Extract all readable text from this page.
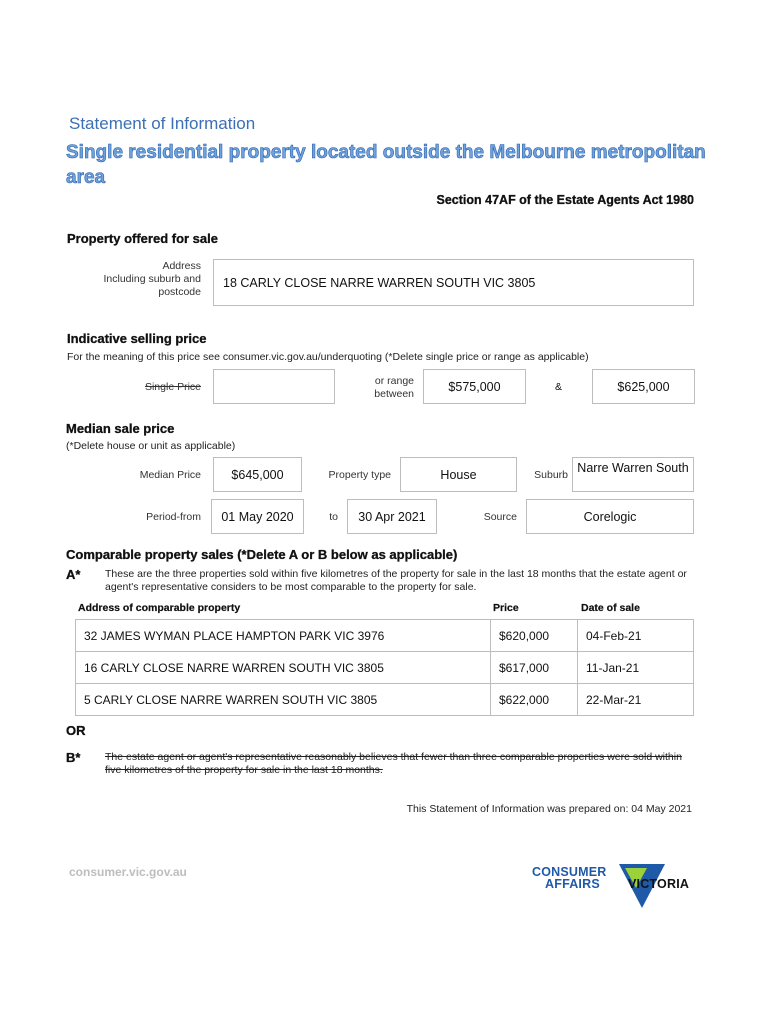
Statement of Information
Single residential property located outside the Melbourne metropolitan area
Section 47AF of the Estate Agents Act 1980
Property offered for sale
Address
Including suburb and
postcode
18 CARLY CLOSE NARRE WARREN SOUTH VIC 3805
Indicative selling price
For the meaning of this price see consumer.vic.gov.au/underquoting (*Delete single price or range as applicable)
Single Price	or range
between
$575,000	&	$625,000
Median sale price
(*Delete house or unit as applicable)
Median Price $645,000	Property type	House	Suburb Narre Warren South
Period-from 01 May 2020	to 30 Apr 2021	Source	Corelogic
Comparable property sales (*Delete A or B below as applicable)
A* These are the three properties sold within five kilometres of the property for sale in the last 18 months that the estate agent or agent's representative considers to be most comparable to the property for sale.
Address of comparable property	Price	Date of sale
32 JAMES WYMAN PLACE HAMPTON PARK VIC 3976	$620,000	04-Feb-21
16 CARLY CLOSE NARRE WARREN SOUTH VIC 3805	$617,000	11-Jan-21
5 CARLY CLOSE NARRE WARREN SOUTH VIC 3805	$622,000	22-Mar-21
OR
B* The estate agent or agent's representative reasonably believes that fewer than three comparable properties were sold within five kilometres of the property for sale in the last 18 months.
This Statement of Information was prepared on: 04 May 2021
consumer.vic.gov.au	CONSUMER
AFFAIRS VICTORIA
